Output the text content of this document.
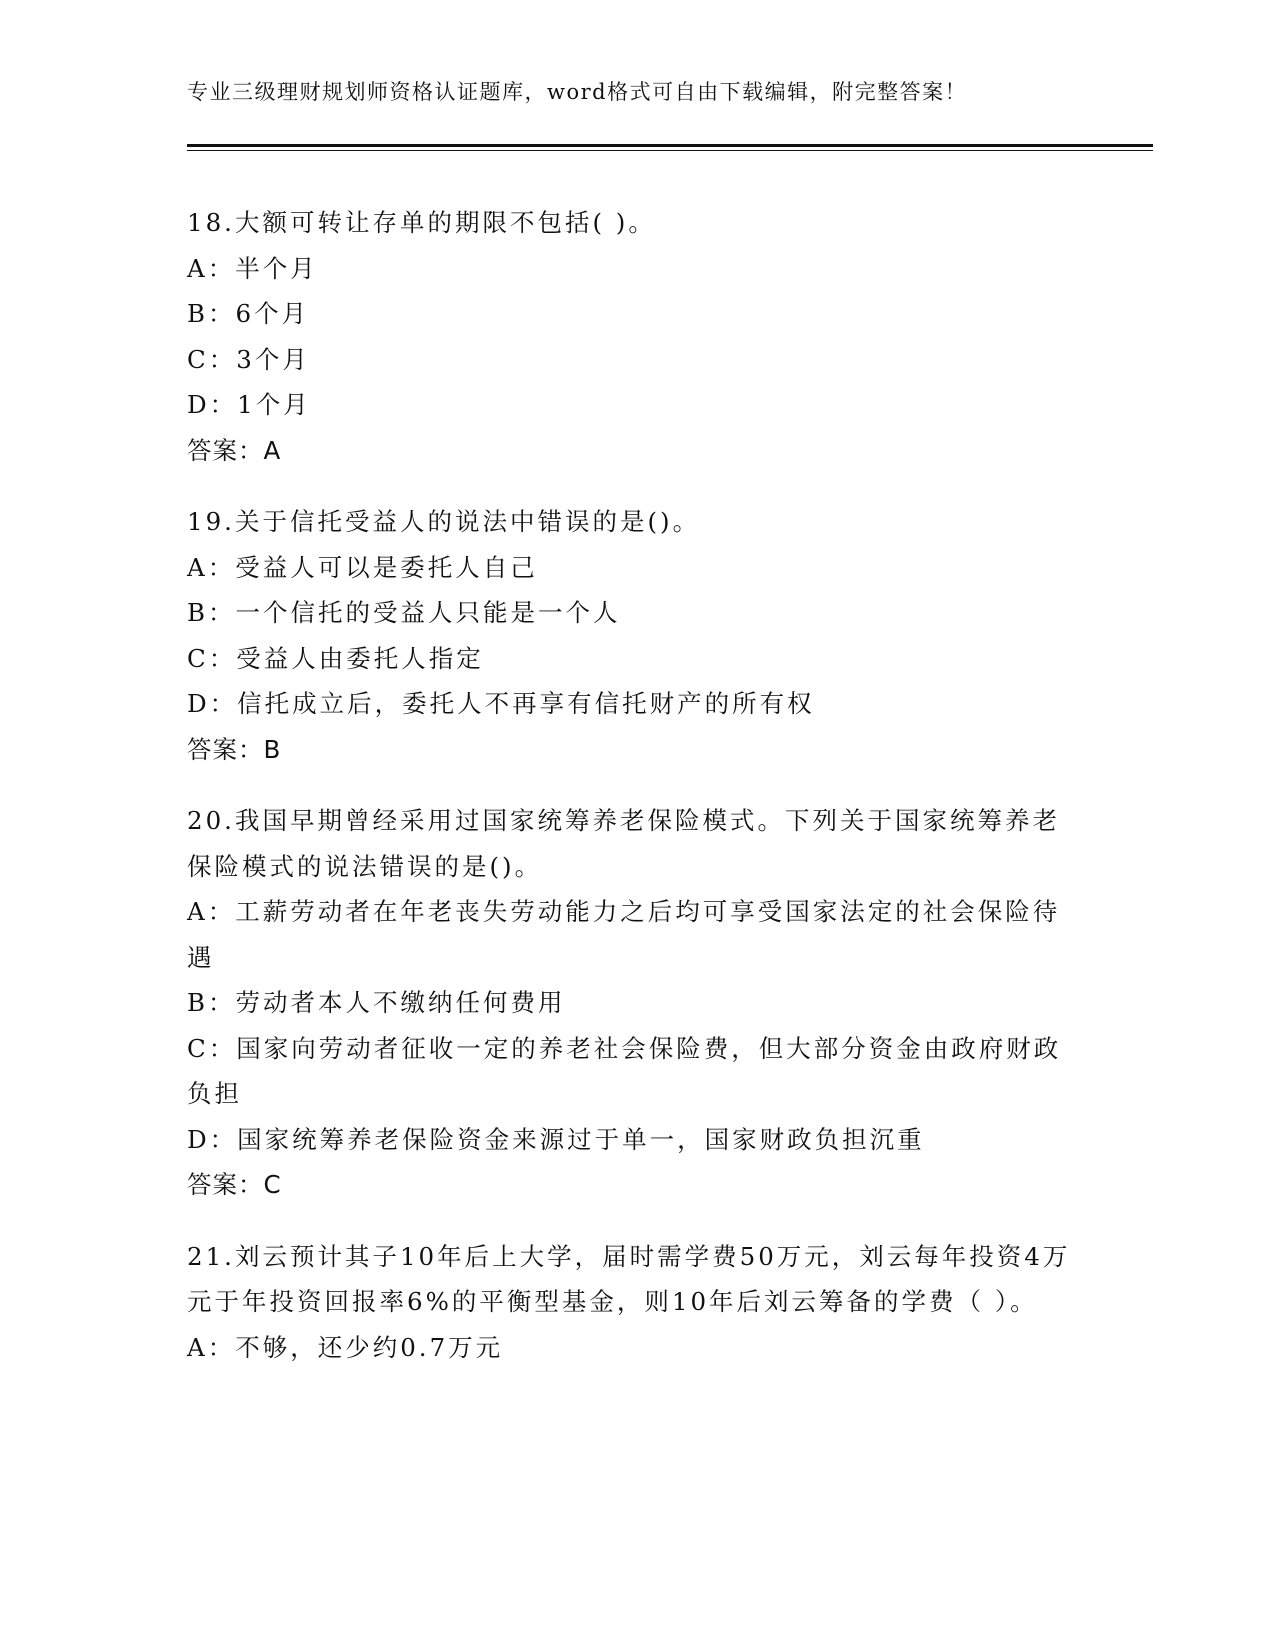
专业三级理财规划师资格认证题库，word格式可自由下载编辑，附完整答案！
18.大额可转让存单的期限不包括( )。
A：半个月
B：6个月
C：3个月
D：1个月
答案：A
19.关于信托受益人的说法中错误的是()。
A：受益人可以是委托人自己
B：一个信托的受益人只能是一个人
C：受益人由委托人指定
D：信托成立后，委托人不再享有信托财产的所有权
答案：B
20.我国早期曾经采用过国家统筹养老保险模式。下列关于国家统筹养老保险模式的说法错误的是()。
A：工薪劳动者在年老丧失劳动能力之后均可享受国家法定的社会保险待遇
B：劳动者本人不缴纳任何费用
C：国家向劳动者征收一定的养老社会保险费，但大部分资金由政府财政负担
D：国家统筹养老保险资金来源过于单一，国家财政负担沉重
答案：C
21.刘云预计其子10年后上大学，届时需学费50万元，刘云每年投资4万元于年投资回报率6%的平衡型基金，则10年后刘云筹备的学费（ ）。
A：不够，还少约0.7万元
